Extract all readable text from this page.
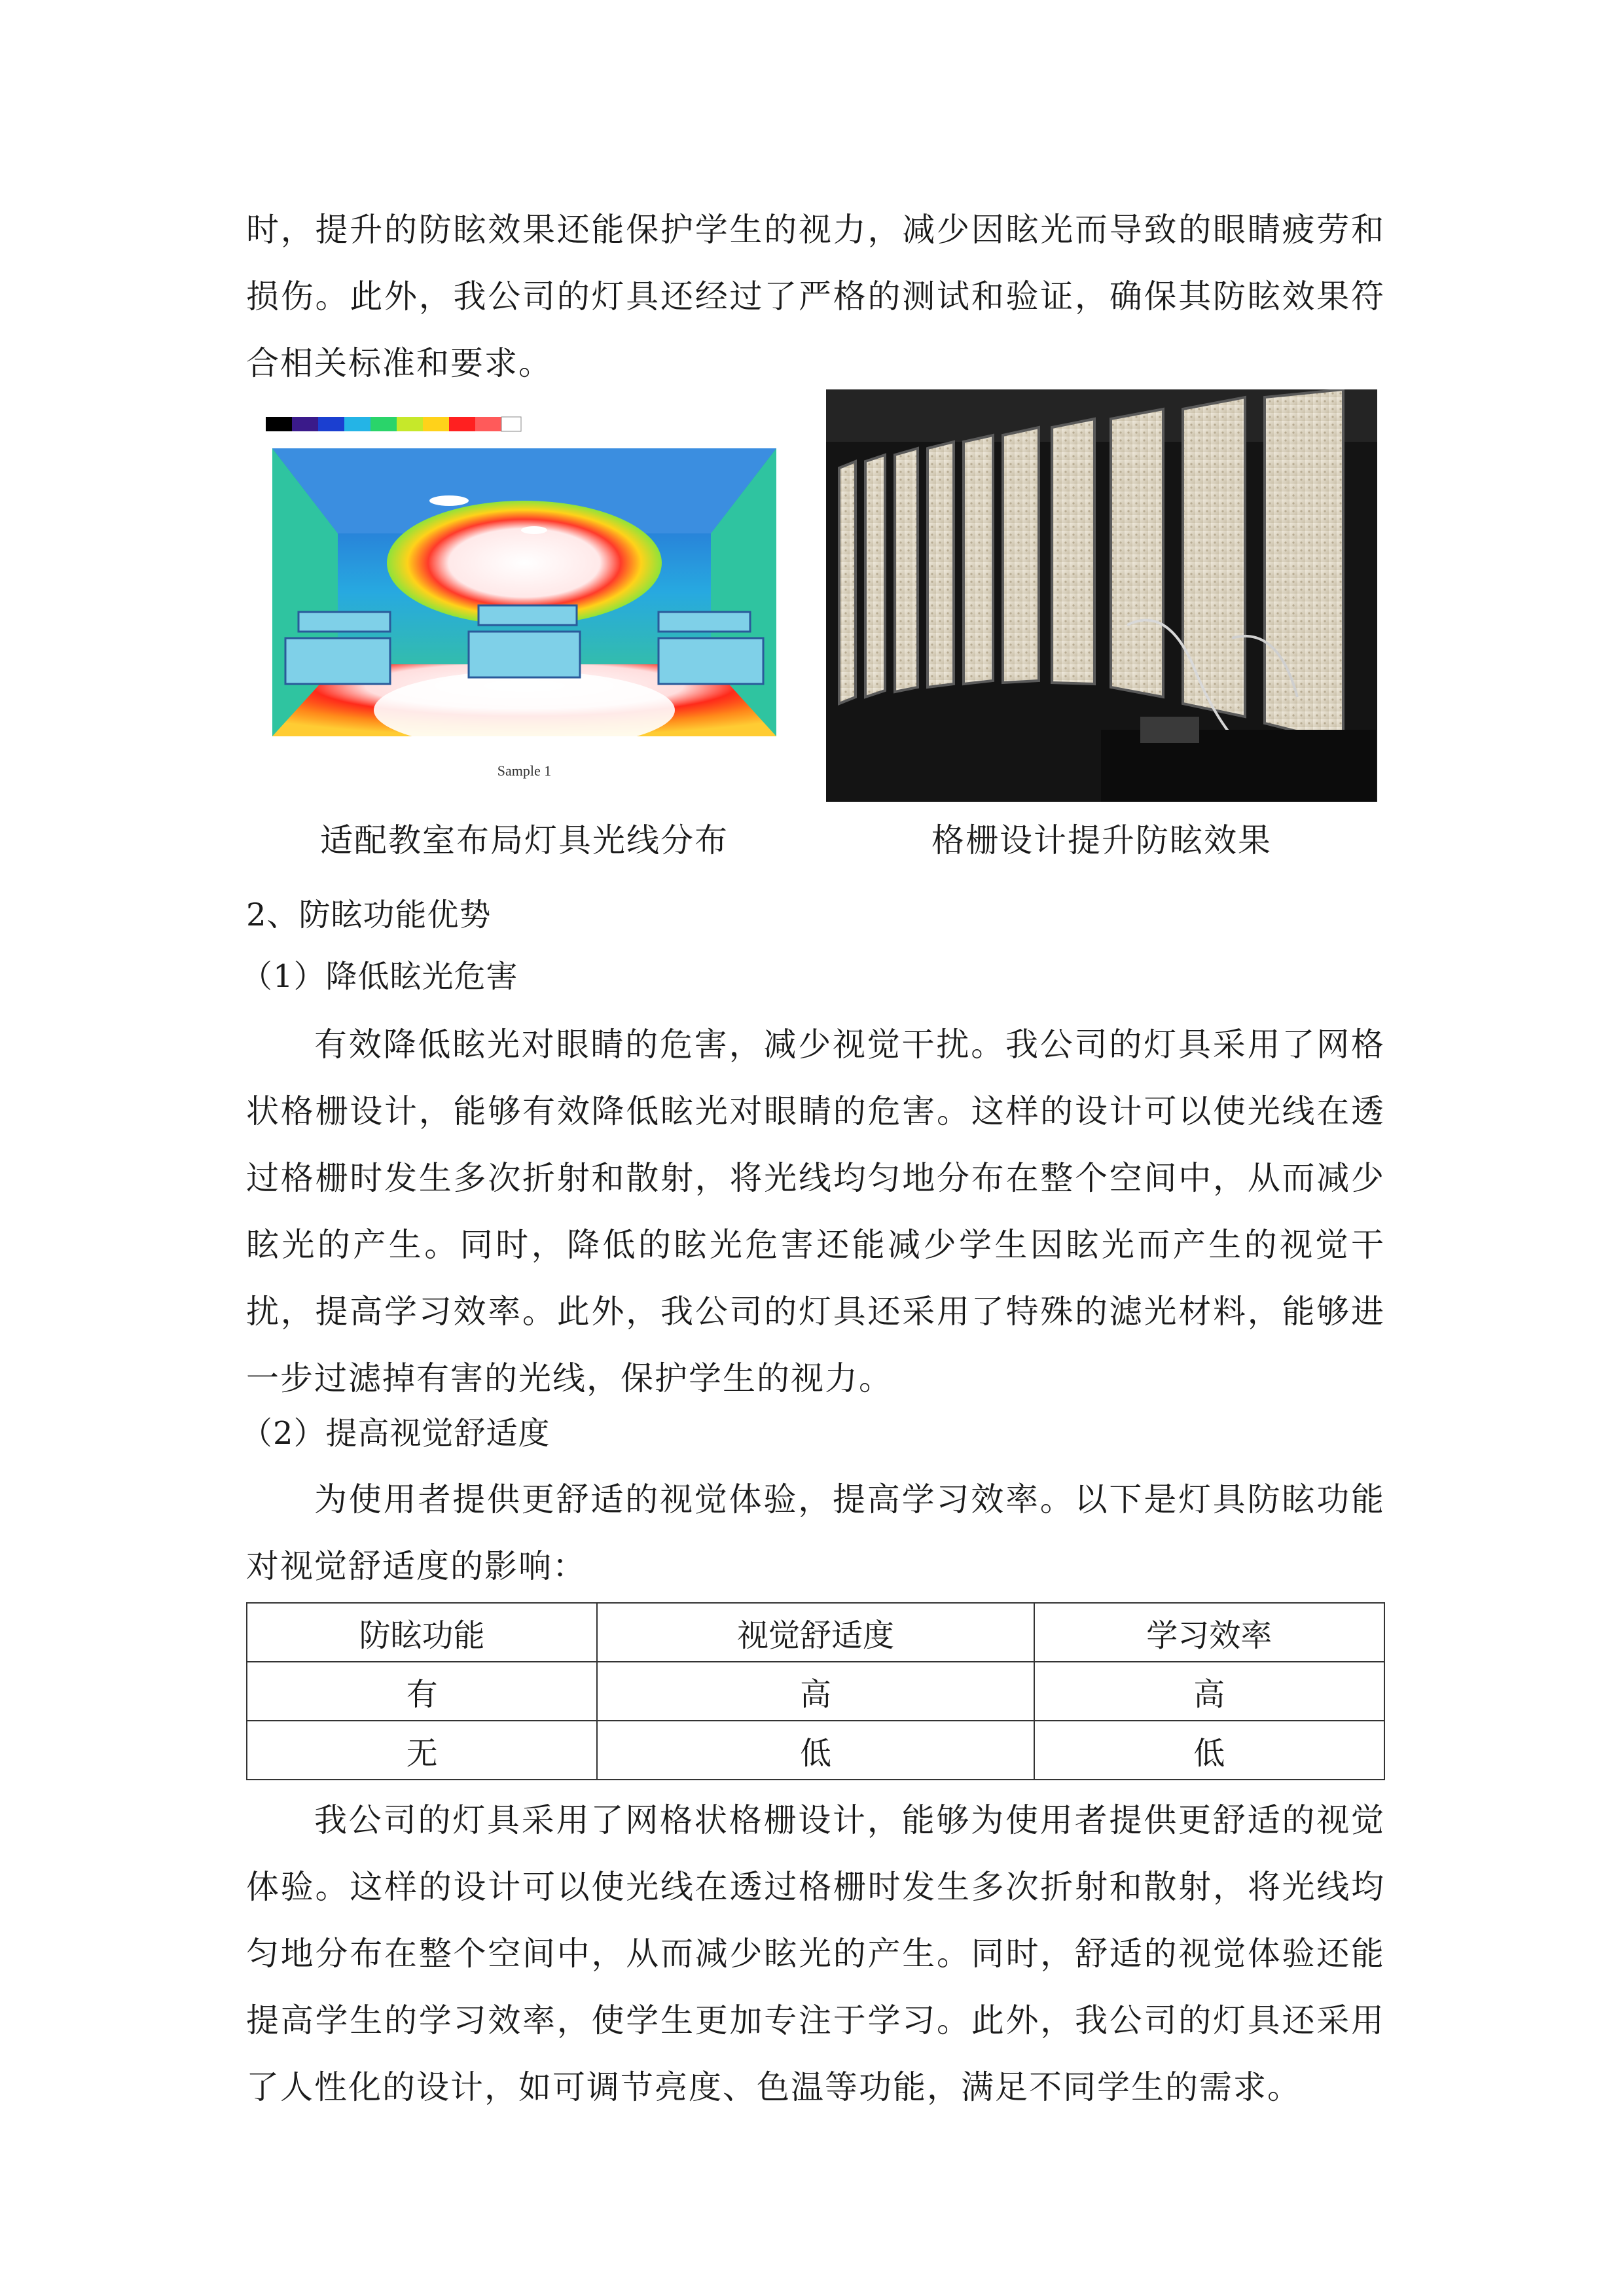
时，提升的防眩效果还能保护学生的视力，减少因眩光而导致的眼睛疲劳和损伤。此外，我公司的灯具还经过了严格的测试和验证，确保其防眩效果符合相关标准和要求。

Sample 1
适配教室布局灯具光线分布	格栅设计提升防眩效果
2、防眩功能优势
（1）降低眩光危害

有效降低眩光对眼睛的危害，减少视觉干扰。我公司的灯具采用了网格状格栅设计，能够有效降低眩光对眼睛的危害。这样的设计可以使光线在透过格栅时发生多次折射和散射，将光线均匀地分布在整个空间中，从而减少眩光的产生。同时，降低的眩光危害还能减少学生因眩光而产生的视觉干扰，提高学习效率。此外，我公司的灯具还采用了特殊的滤光材料，能够进一步过滤掉有害的光线，保护学生的视力。

（2）提高视觉舒适度

为使用者提供更舒适的视觉体验，提高学习效率。以下是灯具防眩功能对视觉舒适度的影响：

防眩功能	视觉舒适度	学习效率
有	高	高
无	低	低

我公司的灯具采用了网格状格栅设计，能够为使用者提供更舒适的视觉体验。这样的设计可以使光线在透过格栅时发生多次折射和散射，将光线均匀地分布在整个空间中，从而减少眩光的产生。同时，舒适的视觉体验还能提高学生的学习效率，使学生更加专注于学习。此外，我公司的灯具还采用了人性化的设计，如可调节亮度、色温等功能，满足不同学生的需求。
